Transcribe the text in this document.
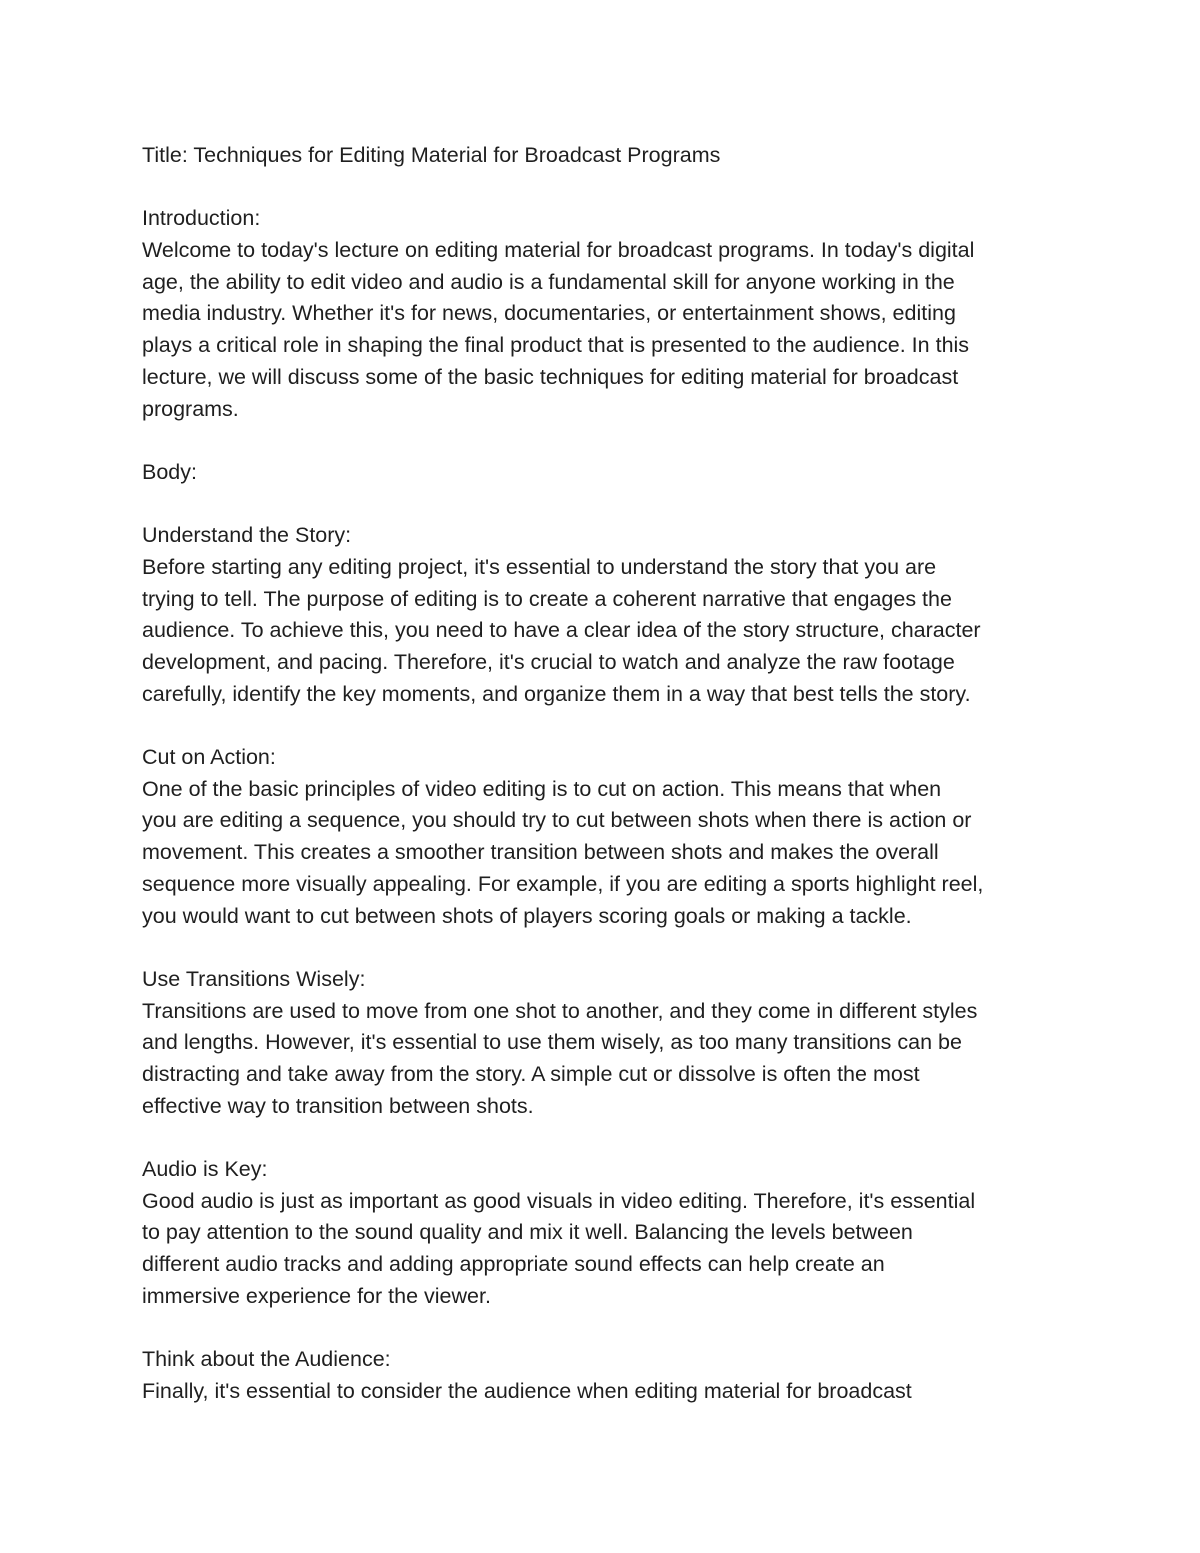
Title: Techniques for Editing Material for Broadcast Programs
Introduction:
Welcome to today's lecture on editing material for broadcast programs. In today's digital
age, the ability to edit video and audio is a fundamental skill for anyone working in the
media industry. Whether it's for news, documentaries, or entertainment shows, editing
plays a critical role in shaping the final product that is presented to the audience. In this
lecture, we will discuss some of the basic techniques for editing material for broadcast
programs.
Body:
Understand the Story:
Before starting any editing project, it's essential to understand the story that you are
trying to tell. The purpose of editing is to create a coherent narrative that engages the
audience. To achieve this, you need to have a clear idea of the story structure, character
development, and pacing. Therefore, it's crucial to watch and analyze the raw footage
carefully, identify the key moments, and organize them in a way that best tells the story.
Cut on Action:
One of the basic principles of video editing is to cut on action. This means that when
you are editing a sequence, you should try to cut between shots when there is action or
movement. This creates a smoother transition between shots and makes the overall
sequence more visually appealing. For example, if you are editing a sports highlight reel,
you would want to cut between shots of players scoring goals or making a tackle.
Use Transitions Wisely:
Transitions are used to move from one shot to another, and they come in different styles
and lengths. However, it's essential to use them wisely, as too many transitions can be
distracting and take away from the story. A simple cut or dissolve is often the most
effective way to transition between shots.
Audio is Key:
Good audio is just as important as good visuals in video editing. Therefore, it's essential
to pay attention to the sound quality and mix it well. Balancing the levels between
different audio tracks and adding appropriate sound effects can help create an
immersive experience for the viewer.
Think about the Audience:
Finally, it's essential to consider the audience when editing material for broadcast
